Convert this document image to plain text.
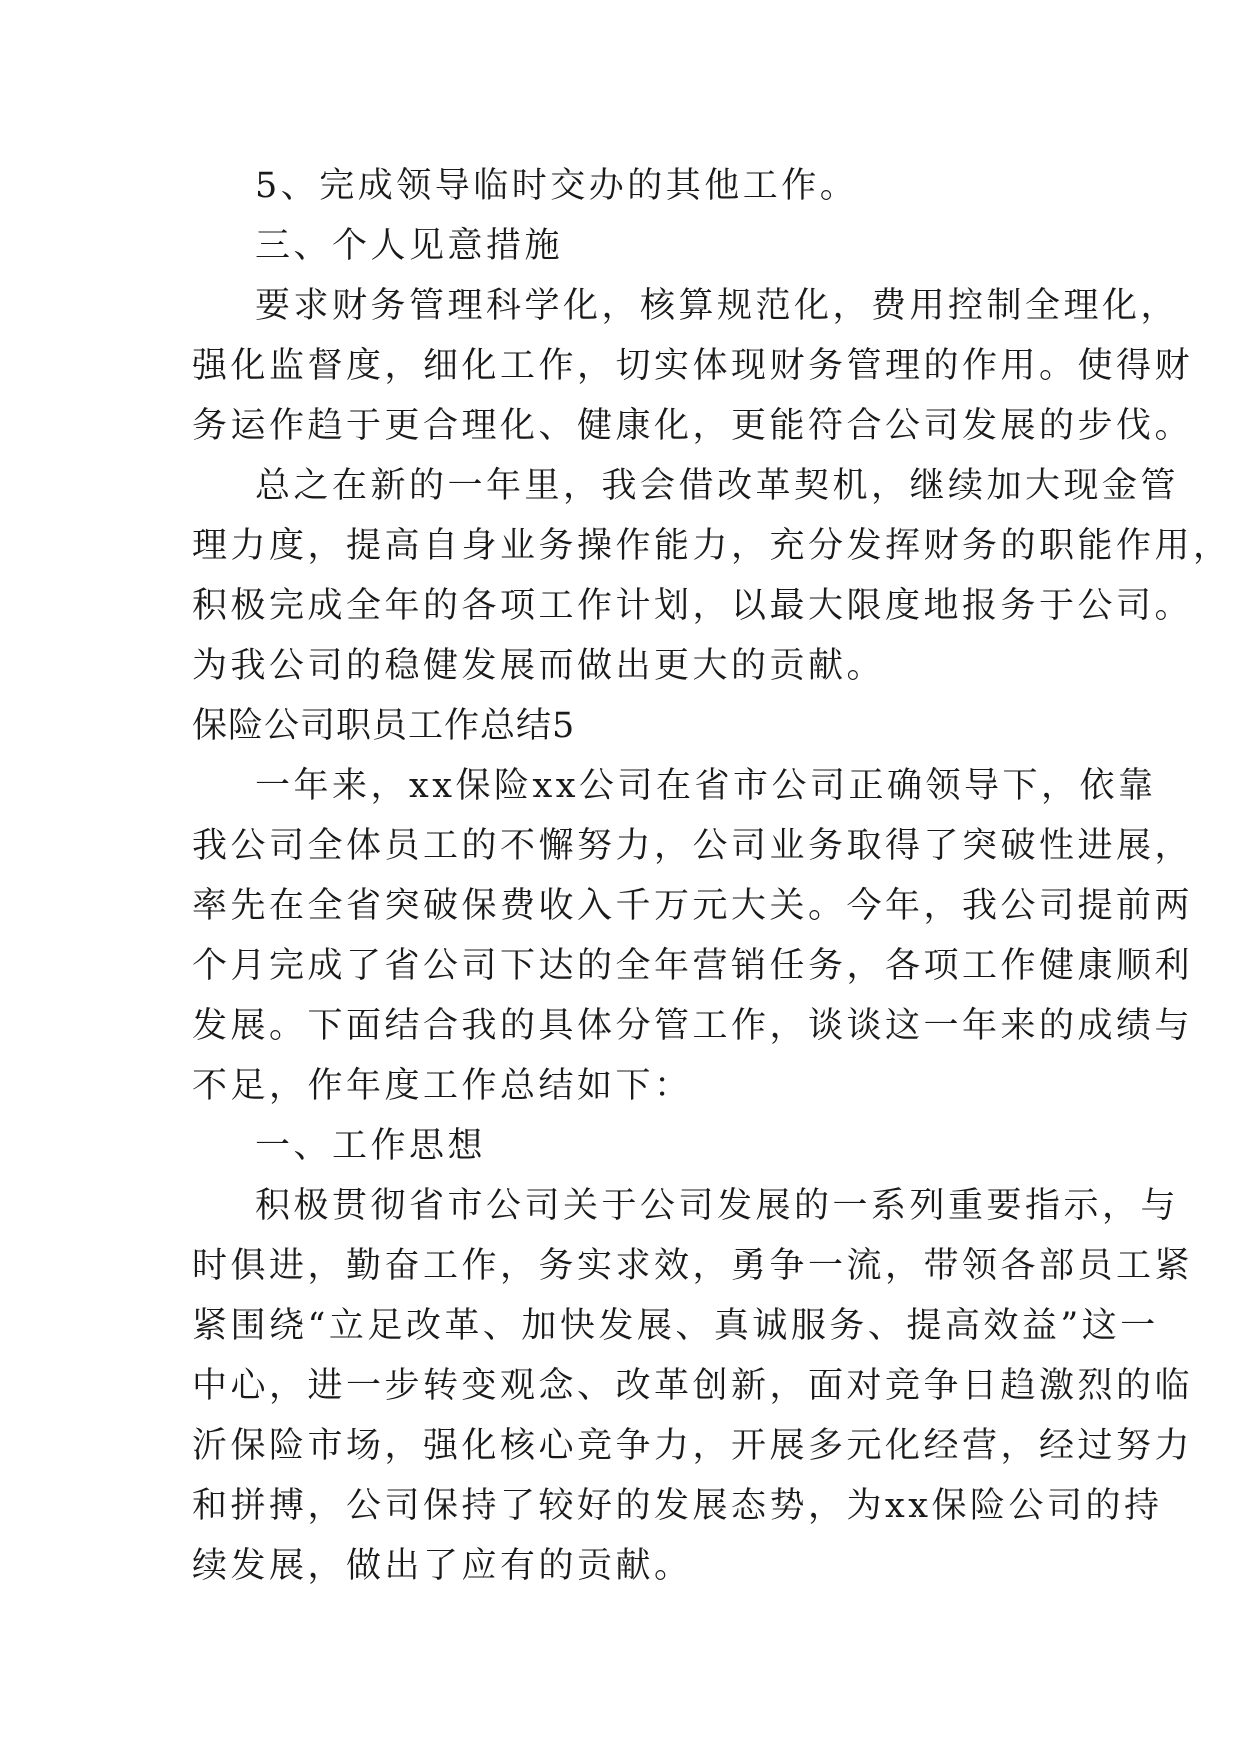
5、完成领导临时交办的其他工作。
三、个人见意措施
要求财务管理科学化，核算规范化，费用控制全理化，
强化监督度，细化工作，切实体现财务管理的作用。使得财
务运作趋于更合理化、健康化，更能符合公司发展的步伐。
总之在新的一年里，我会借改革契机，继续加大现金管
理力度，提高自身业务操作能力，充分发挥财务的职能作用，
积极完成全年的各项工作计划，以最大限度地报务于公司。
为我公司的稳健发展而做出更大的贡献。
保险公司职员工作总结5
一年来，xx保险xx公司在省市公司正确领导下，依靠
我公司全体员工的不懈努力，公司业务取得了突破性进展，
率先在全省突破保费收入千万元大关。今年，我公司提前两
个月完成了省公司下达的全年营销任务，各项工作健康顺利
发展。下面结合我的具体分管工作，谈谈这一年来的成绩与
不足，作年度工作总结如下：
一、工作思想
积极贯彻省市公司关于公司发展的一系列重要指示，与
时俱进，勤奋工作，务实求效，勇争一流，带领各部员工紧
紧围绕“立足改革、加快发展、真诚服务、提高效益”这一
中心，进一步转变观念、改革创新，面对竞争日趋激烈的临
沂保险市场，强化核心竞争力，开展多元化经营，经过努力
和拼搏，公司保持了较好的发展态势，为xx保险公司的持
续发展，做出了应有的贡献。
